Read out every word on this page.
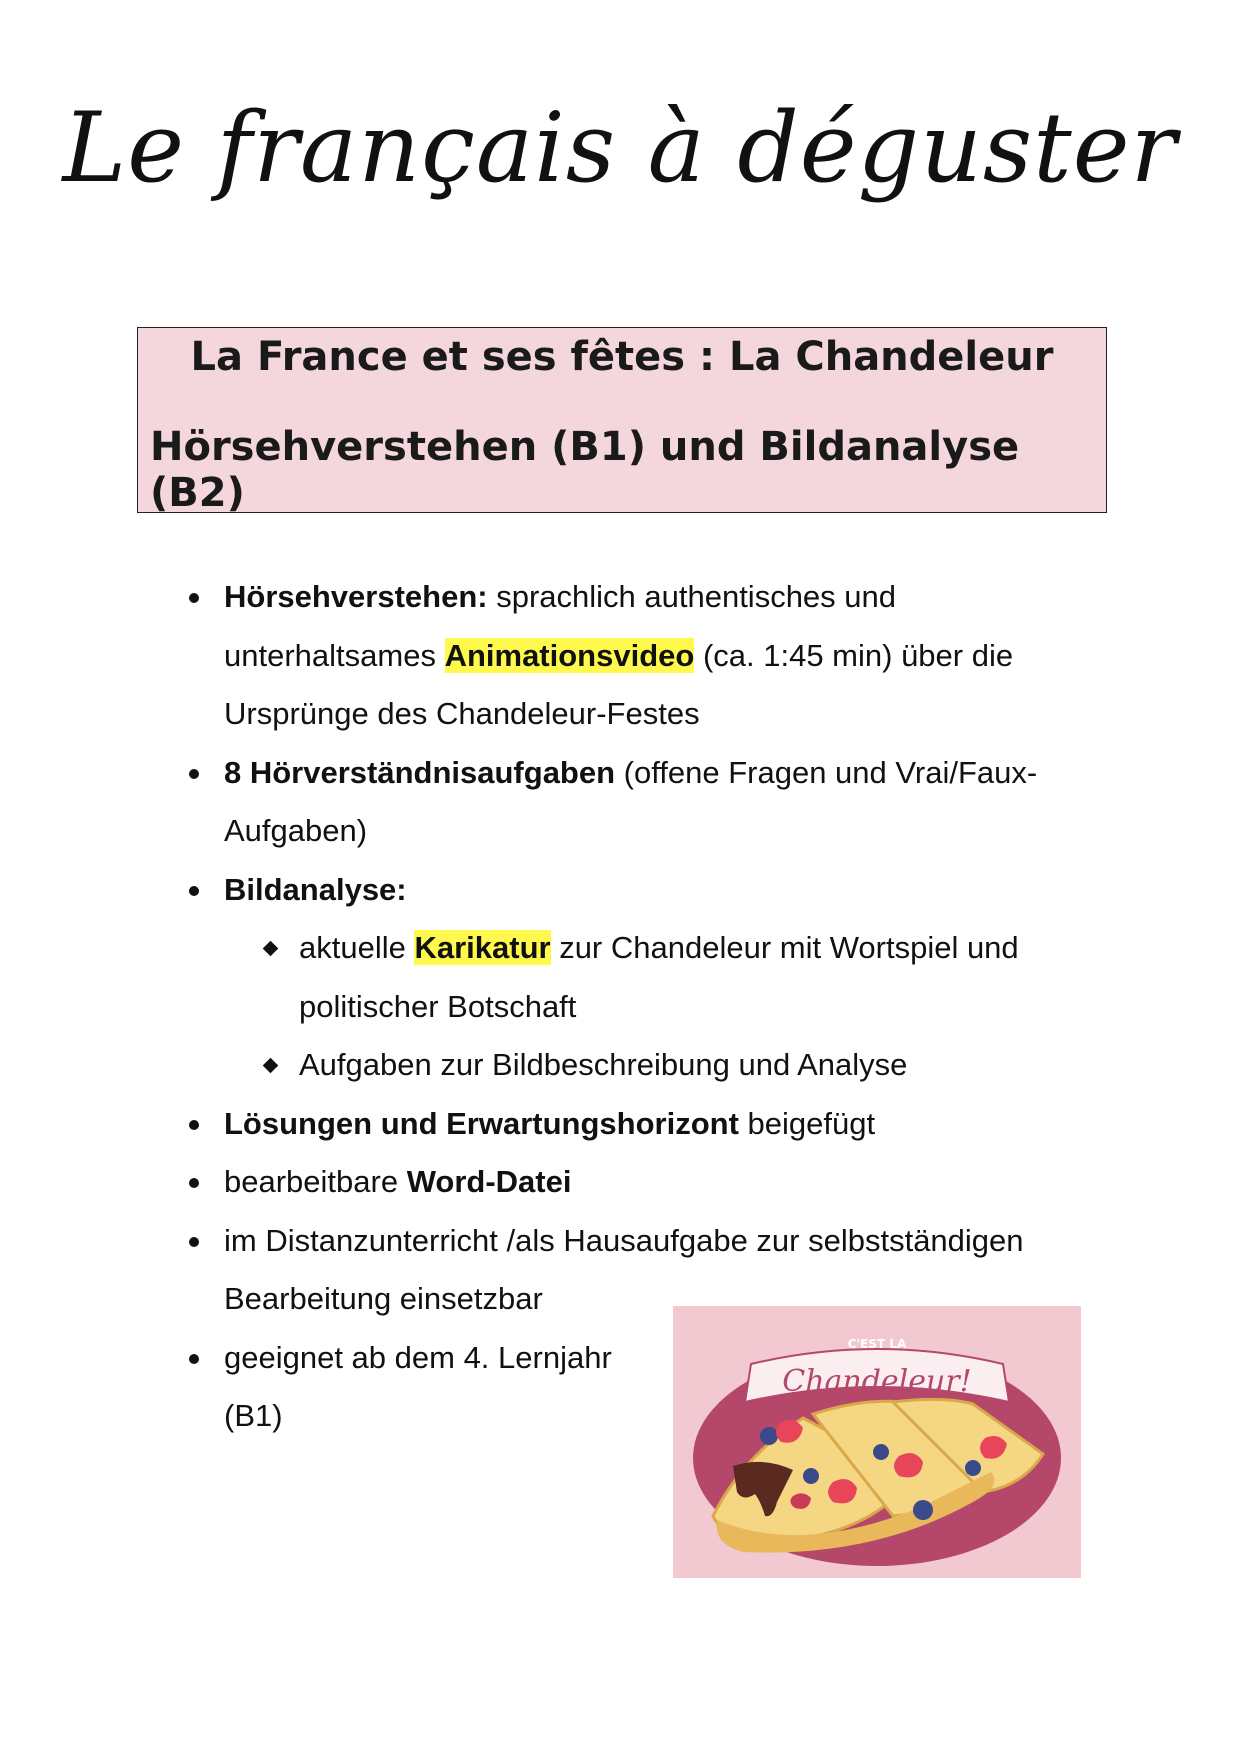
Le français à déguster
La France et ses fêtes : La Chandeleur
Hörsehverstehen (B1) und Bildanalyse (B2)
Hörsehverstehen: sprachlich authentisches und unterhaltsames Animationsvideo (ca. 1:45 min) über die Ursprünge des Chandeleur-Festes
8 Hörverständnisaufgaben (offene Fragen und Vrai/Faux-Aufgaben)
Bildanalyse:
aktuelle Karikatur zur Chandeleur mit Wortspiel und politischer Botschaft
Aufgaben zur Bildbeschreibung und Analyse
Lösungen und Erwartungshorizont beigefügt
bearbeitbare Word-Datei
im Distanzunterricht /als Hausaufgabe zur selbstständigen Bearbeitung einsetzbar
geeignet ab dem 4. Lernjahr (B1)
C'EST LA
Chandeleur!
